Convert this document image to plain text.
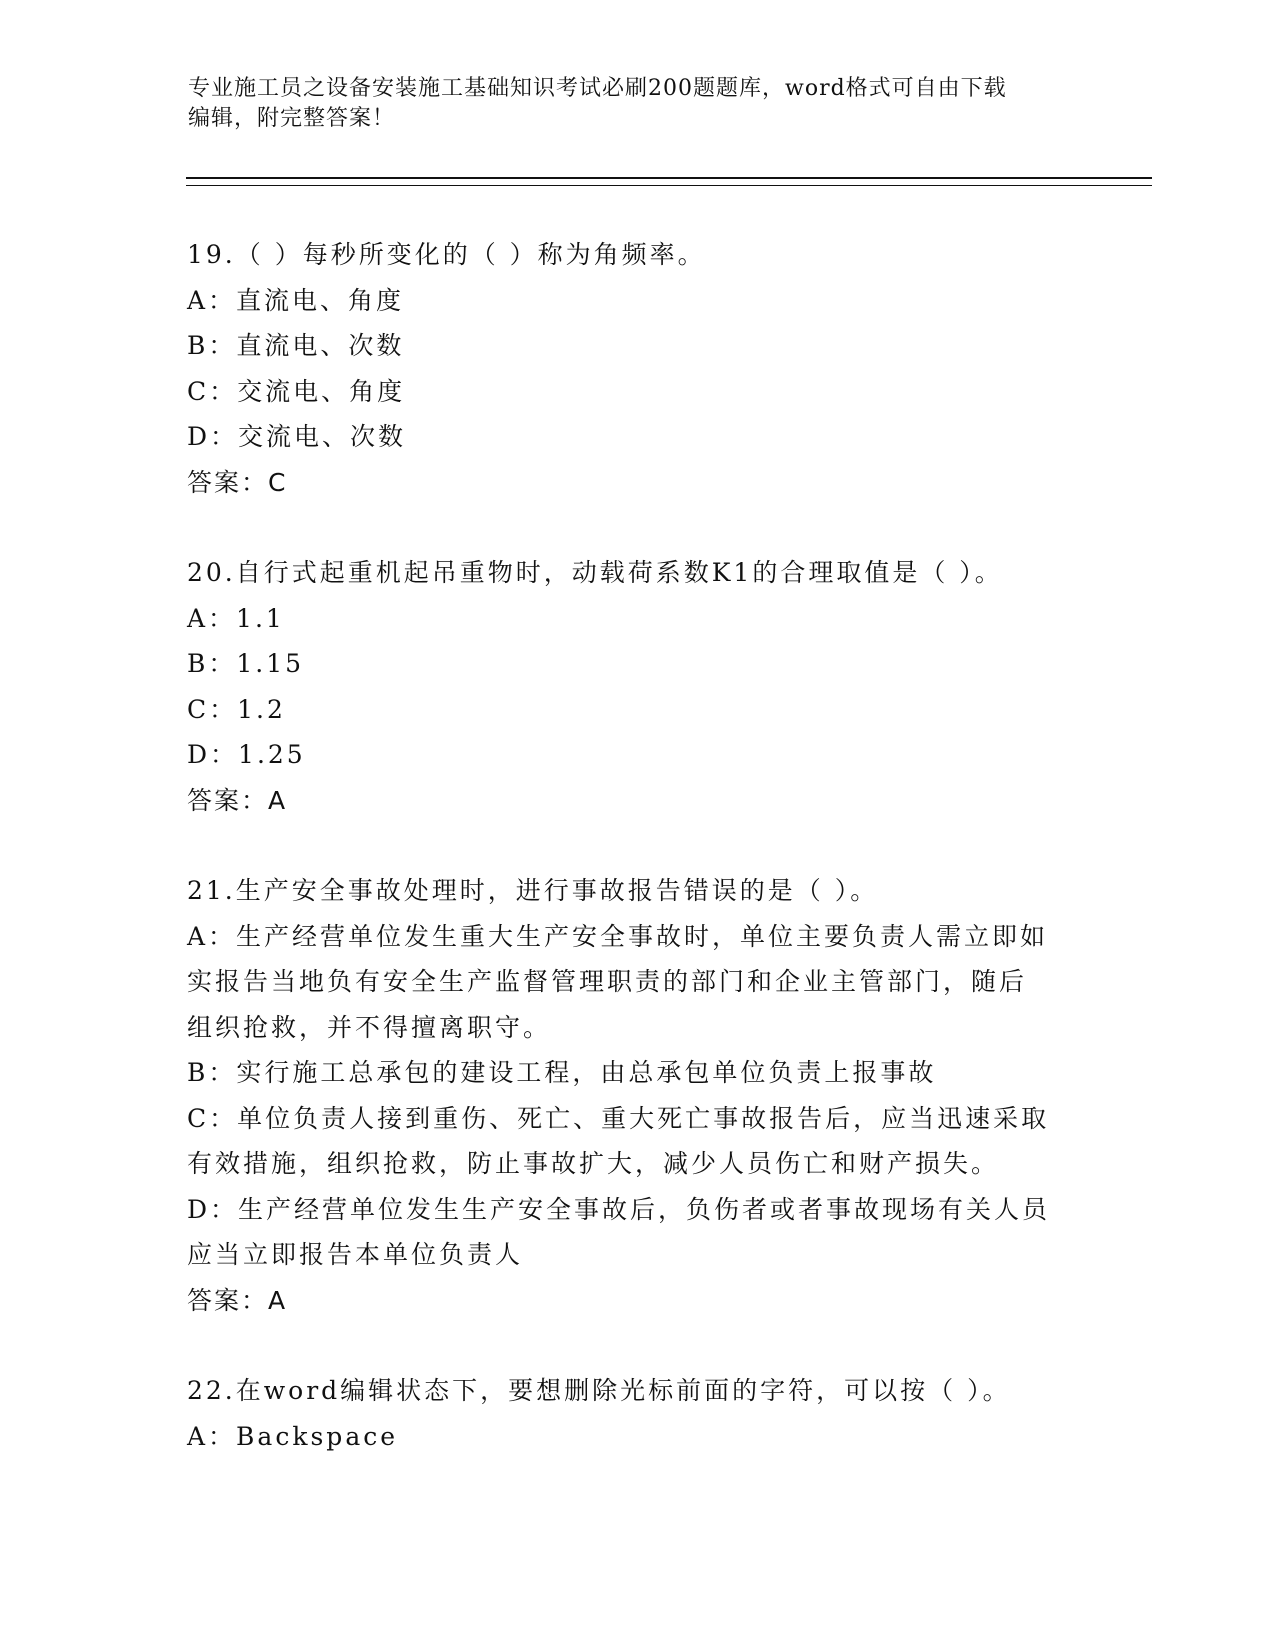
专业施工员之设备安装施工基础知识考试必刷200题题库，word格式可自由下载
编辑，附完整答案！
19.（ ）每秒所变化的（ ）称为角频率。
A：直流电、角度
B：直流电、次数
C：交流电、角度
D：交流电、次数
答案：C
20.自行式起重机起吊重物时，动载荷系数K1的合理取值是（ ）。
A：1.1
B：1.15
C：1.2
D：1.25
答案：A
21.生产安全事故处理时，进行事故报告错误的是（ ）。
A：生产经营单位发生重大生产安全事故时，单位主要负责人需立即如
实报告当地负有安全生产监督管理职责的部门和企业主管部门，随后
组织抢救，并不得擅离职守。
B：实行施工总承包的建设工程，由总承包单位负责上报事故
C：单位负责人接到重伤、死亡、重大死亡事故报告后，应当迅速采取
有效措施，组织抢救，防止事故扩大，减少人员伤亡和财产损失。
D：生产经营单位发生生产安全事故后，负伤者或者事故现场有关人员
应当立即报告本单位负责人
答案：A
22.在word编辑状态下，要想删除光标前面的字符，可以按（ ）。
A：Backspace
